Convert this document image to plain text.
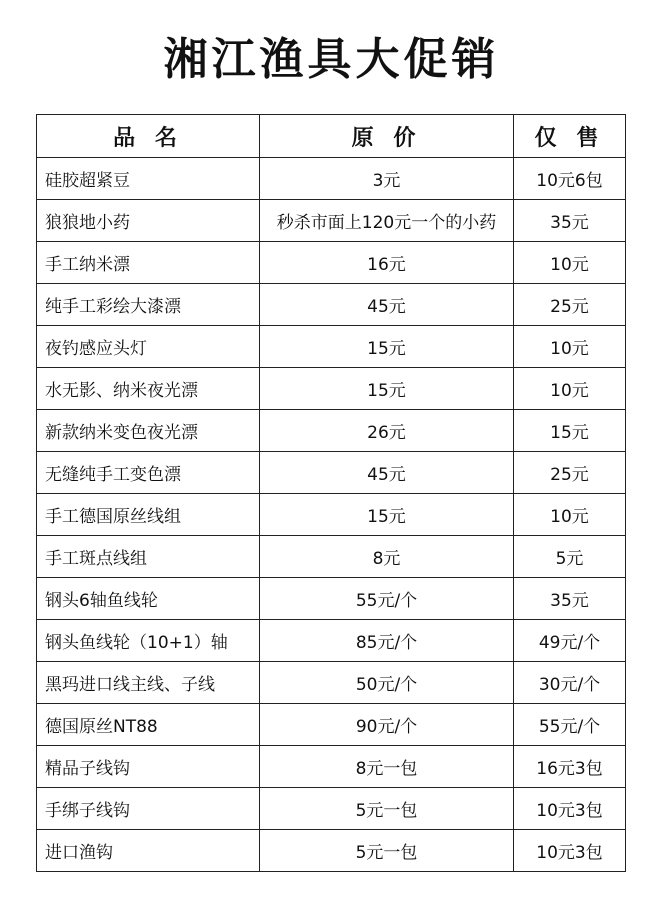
湘江渔具大促销
品 名	原 价	仅 售
硅胶超紧豆	3元	10元6包
狼狼地小药	秒杀市面上120元一个的小药	35元
手工纳米漂	16元	10元
纯手工彩绘大漆漂	45元	25元
夜钓感应头灯	15元	10元
水无影、纳米夜光漂	15元	10元
新款纳米变色夜光漂	26元	15元
无缝纯手工变色漂	45元	25元
手工德国原丝线组	15元	10元
手工斑点线组	8元	5元
钢头6轴鱼线轮	55元/个	35元
钢头鱼线轮（10+1）轴	85元/个	49元/个
黑玛进口线主线、子线	50元/个	30元/个
德国原丝NT88	90元/个	55元/个
精品子线钩	8元一包	16元3包
手绑子线钩	5元一包	10元3包
进口渔钩	5元一包	10元3包
